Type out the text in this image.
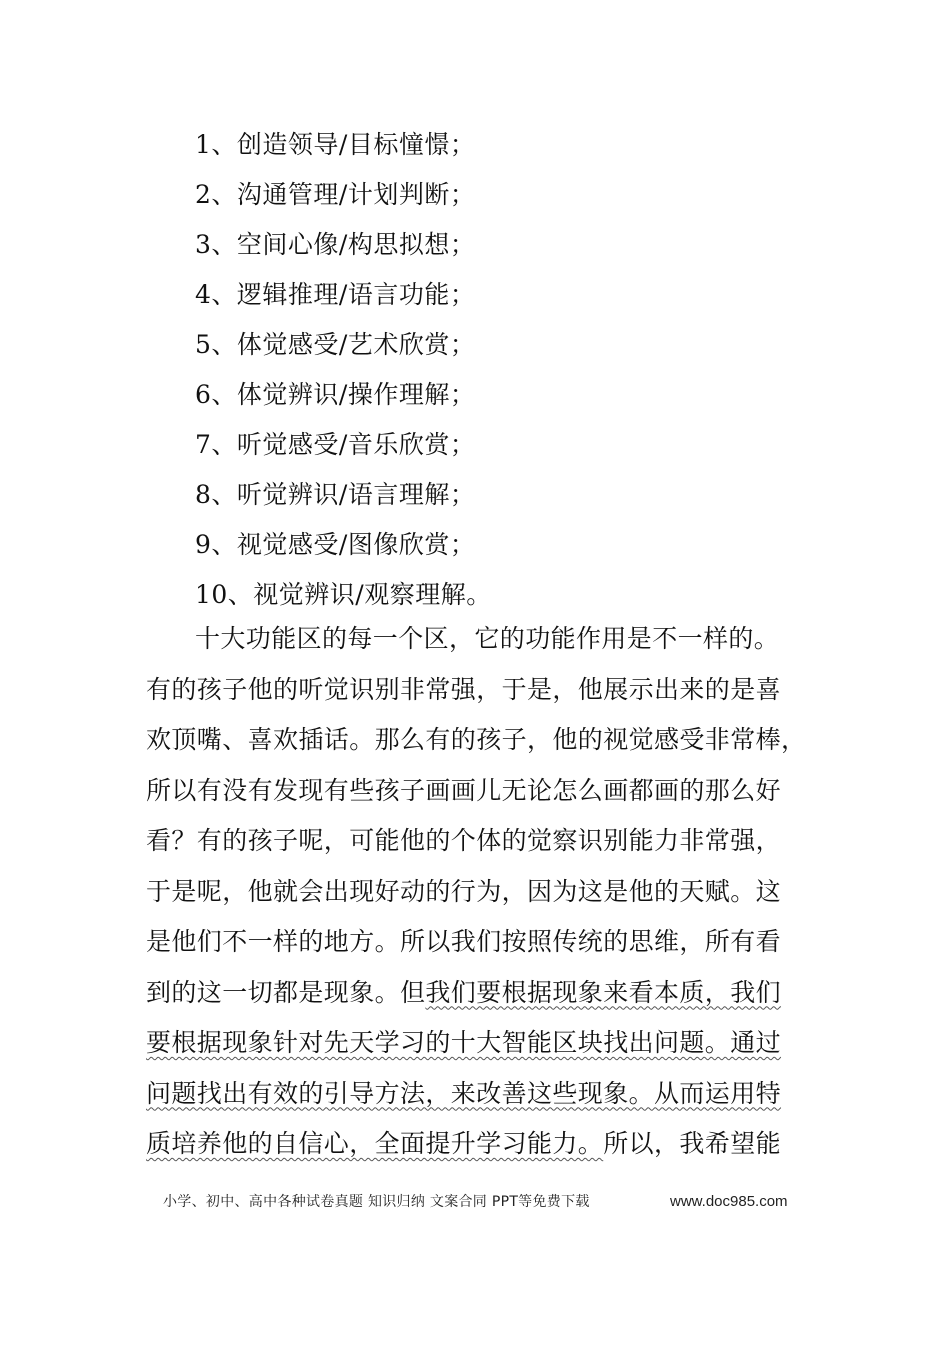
1、创造领导/目标憧憬；
2、沟通管理/计划判断；
3、空间心像/构思拟想；
4、逻辑推理/语言功能；
5、体觉感受/艺术欣赏；
6、体觉辨识/操作理解；
7、听觉感受/音乐欣赏；
8、听觉辨识/语言理解；
9、视觉感受/图像欣赏；
10、视觉辨识/观察理解。
十大功能区的每一个区，它的功能作用是不一样的。
有的孩子他的听觉识别非常强，于是，他展示出来的是喜
欢顶嘴、喜欢插话。那么有的孩子，他的视觉感受非常棒，
所以有没有发现有些孩子画画儿无论怎么画都画的那么好
看？有的孩子呢，可能他的个体的觉察识别能力非常强，
于是呢，他就会出现好动的行为，因为这是他的天赋。这
是他们不一样的地方。所以我们按照传统的思维，所有看
到的这一切都是现象。但我们要根据现象来看本质，我们
要根据现象针对先天学习的十大智能区块找出问题。通过
问题找出有效的引导方法，来改善这些现象。从而运用特
质培养他的自信心，全面提升学习能力。所以，我希望能
小学、初中、高中各种试卷真题 知识归纳 文案合同 PPT等免费下载	www.doc985.com
